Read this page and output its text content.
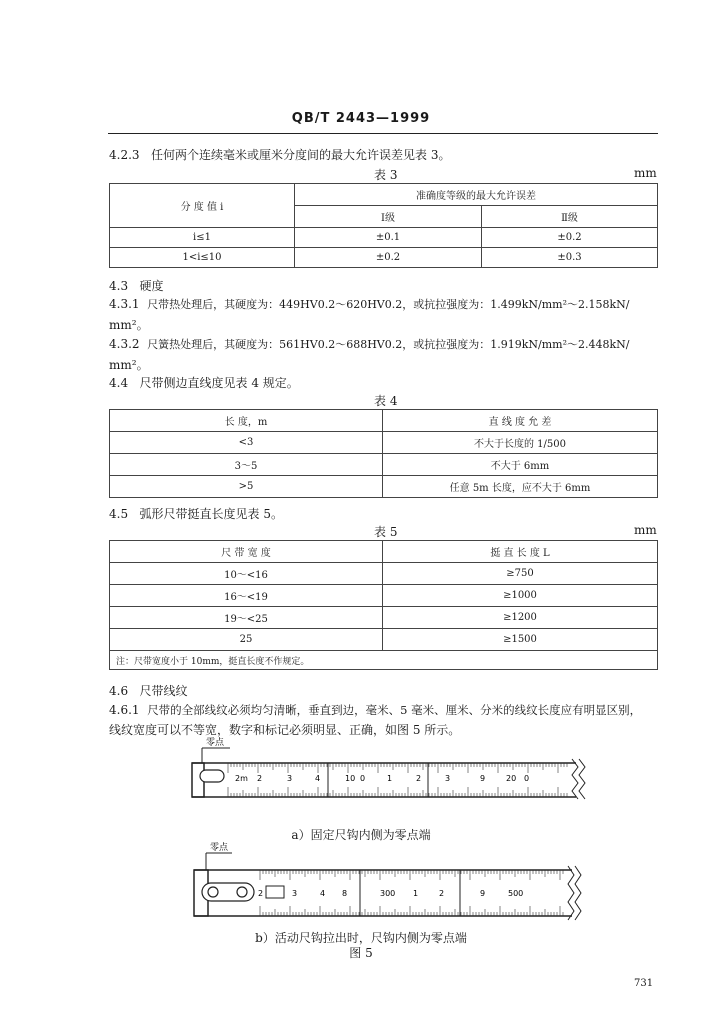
QB/T 2443—1999
4.2.3 任何两个连续毫米或厘米分度间的最大允许误差见表 3。
表 3	mm
分 度 值 i	准确度等级的最大允许误差	
	Ⅰ级	Ⅱ级
i≤1	±0.1	±0.2
1<i≤10	±0.2	±0.3
4.3 硬度
4.3.1 尺带热处理后，其硬度为：449HV0.2～620HV0.2，或抗拉强度为：1.499kN/mm²～2.158kN/
mm²。
4.3.2 尺簧热处理后，其硬度为：561HV0.2～688HV0.2，或抗拉强度为：1.919kN/mm²～2.448kN/
mm²。
4.4 尺带侧边直线度见表 4 规定。
表 4
长 度，m	直 线 度 允 差
<3	不大于长度的 1/500
3～5	不大于 6mm
>5	任意 5m 长度，应不大于 6mm
4.5 弧形尺带挺直长度见表 5。
表 5	mm
尺 带 宽 度	挺 直 长 度 L
10～<16	≥750
16～<19	≥1000
19～<25	≥1200
25	≥1500
注：尺带宽度小于 10mm，挺直长度不作规定。	
4.6 尺带线纹
4.6.1 尺带的全部线纹必须均匀清晰，垂直到边，毫米、5 毫米、厘米、分米的线纹长度应有明显区别，
线纹宽度可以不等宽，数字和标记必须明显、正确，如图 5 所示。
零点
2m 2	3	4	10 0	1	2	3	9	20 0
a）固定尺钩内侧为零点端
零点
2	3	4 8	300 1	2	9	500
b）活动尺钩拉出时，尺钩内侧为零点端
图 5
731
